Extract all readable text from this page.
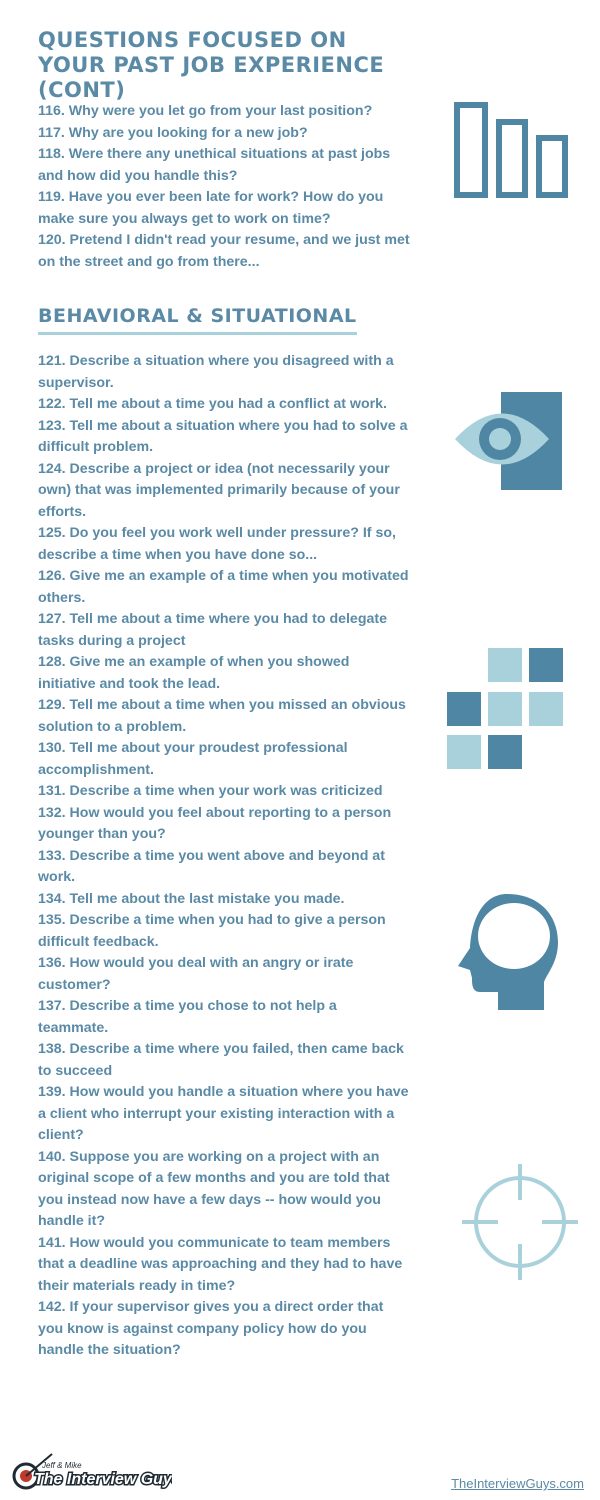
QUESTIONS FOCUSED ON YOUR PAST JOB EXPERIENCE (CONT)
116. Why were you let go from your last position?
117. Why are you looking for a new job?
118. Were there any unethical situations at past jobs and how did you handle this?
119. Have you ever been late for work? How do you make sure you always get to work on time?
120. Pretend I didn't read your resume, and we just met on the street and go from there...
BEHAVIORAL & SITUATIONAL
121. Describe a situation where you disagreed with a supervisor.
122. Tell me about a time you had a conflict at work.
123. Tell me about a situation where you had to solve a difficult problem.
124. Describe a project or idea (not necessarily your own) that was implemented primarily because of your efforts.
125. Do you feel you work well under pressure? If so, describe a time when you have done so...
126. Give me an example of a time when you motivated others.
127. Tell me about a time where you had to delegate tasks during a project
128. Give me an example of when you showed initiative and took the lead.
129. Tell me about a time when you missed an obvious solution to a problem.
130. Tell me about your proudest professional accomplishment.
131. Describe a time when your work was criticized
132. How would you feel about reporting to a person younger than you?
133. Describe a time you went above and beyond at work.
134. Tell me about the last mistake you made.
135. Describe a time when you had to give a person difficult feedback.
136. How would you deal with an angry or irate customer?
137. Describe a time you chose to not help a teammate.
138. Describe a time where you failed, then came back to succeed
139. How would you handle a situation where you have a client who interrupt your existing interaction with a client?
140. Suppose you are working on a project with an original scope of a few months and you are told that you instead now have a few days -- how would you handle it?
141. How would you communicate to team members that a deadline was approaching and they had to have their materials ready in time?
142. If your supervisor gives you a direct order that you know is against company policy how do you handle the situation?
Jeff & Mike
The Interview Guys	TheInterviewGuys.com
